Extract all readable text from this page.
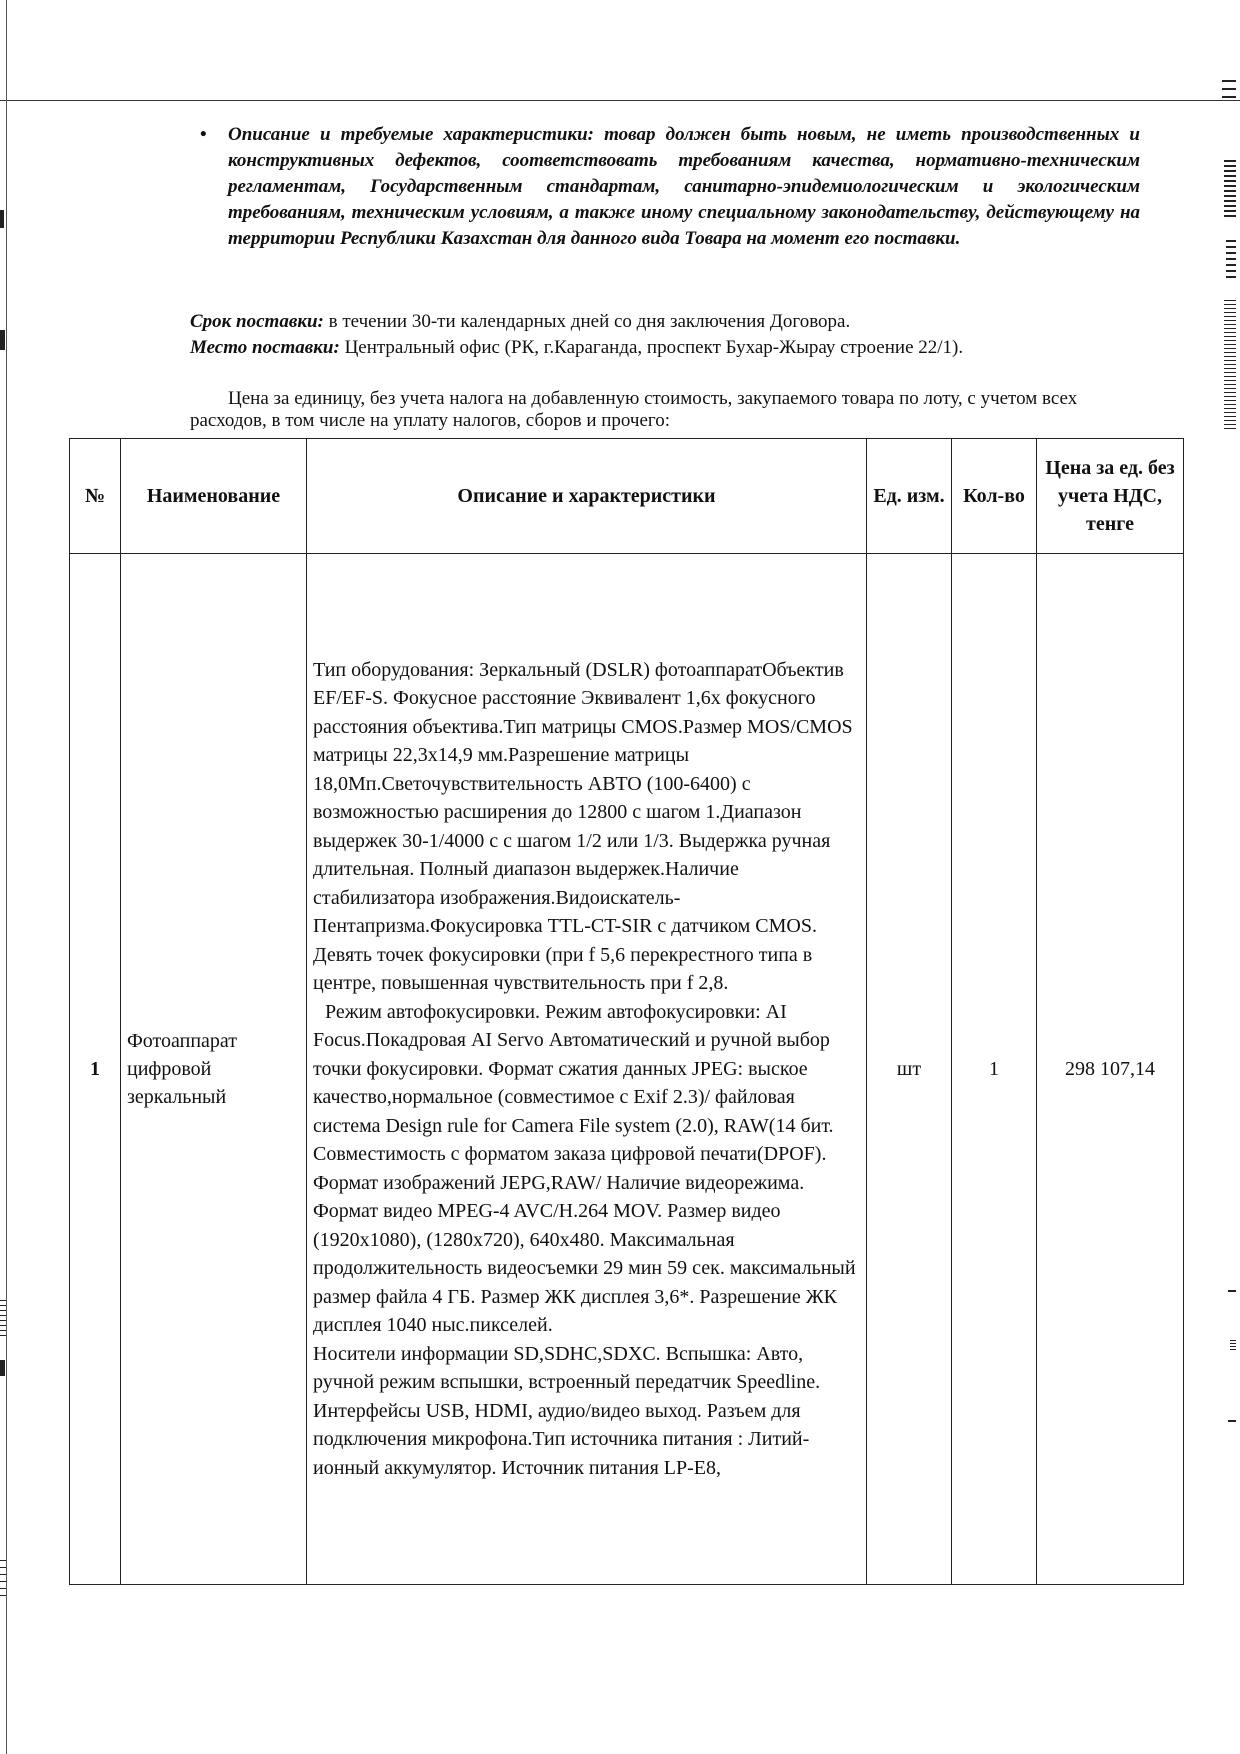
• Описание и требуемые характеристики: товар должен быть новым, не иметь производственных и конструктивных дефектов, соответствовать требованиям качества, нормативно-техническим регламентам, Государственным стандартам, санитарно-эпидемиологическим и экологическим требованиям, техническим условиям, а также иному специальному законодательству, действующему на территории Республики Казахстан для данного вида Товара на момент его поставки.
Срок поставки: в течении 30-ти календарных дней со дня заключения Договора.
Место поставки: Центральный офис (РК, г.Караганда, проспект Бухар-Жырау строение 22/1).
Цена за единицу, без учета налога на добавленную стоимость, закупаемого товара по лоту, с учетом всех расходов, в том числе на уплату налогов, сборов и прочего:
№	Наименование	Описание и характеристики	Ед. изм.	Кол-во	Цена за ед. без учета НДС, тенге
1	Фотоаппарат цифровой зеркальный	Тип оборудования: Зеркальный (DSLR) фотоаппаратОбъектив EF/EF-S. Фокусное расстояние Эквивалент 1,6х фокусного расстояния объектива.Тип матрицы CMOS.Размер MOS/CMOS матрицы 22,3х14,9 мм.Разрешение матрицы 18,0Мп.Светочувствительность АВТО (100-6400) с возможностью расширения до 12800 с шагом 1.Диапазон выдержек 30-1/4000 с с шагом 1/2 или 1/3. Выдержка ручная длительная. Полный диапазон выдержек.Наличие стабилизатора изображения.Видоискатель-Пентапризма.Фокусировка TTL-CT-SIR с датчиком CMOS. Девять точек фокусировки (при f 5,6 перекрестного типа в центре, повышенная чувствительность при f 2,8.

Режим автофокусировки. Режим автофокусировки: AI Focus.Покадровая AI Servo Автоматический и ручной выбор точки фокусировки. Формат сжатия данных JPEG: выское качество,нормальное (совместимое с Exif 2.3)/ файловая система Design rule for Camera File system (2.0), RAW(14 бит. Совместимость с форматом заказа цифровой печати(DPOF). Формат изображений JEPG,RAW/ Наличие видеорежима. Формат видео MPEG-4 AVC/H.264 MOV. Размер видео (1920х1080), (1280х720), 640х480. Максимальная продолжительность видеосъемки 29 мин 59 сек. максимальный размер файла 4 ГБ. Размер ЖК дисплея 3,6*. Разрешение ЖК дисплея 1040 ныс.пикселей.

Носители информации SD,SDHC,SDXC. Вспышка: Авто, ручной режим вспышки, встроенный передатчик Speedline. Интерфейсы USB, HDMI, аудио/видео выход. Разъем для подключения микрофона.Тип источника питания : Литий-ионный аккумулятор. Источник питания LP-E8,	шт	1	298 107,14
